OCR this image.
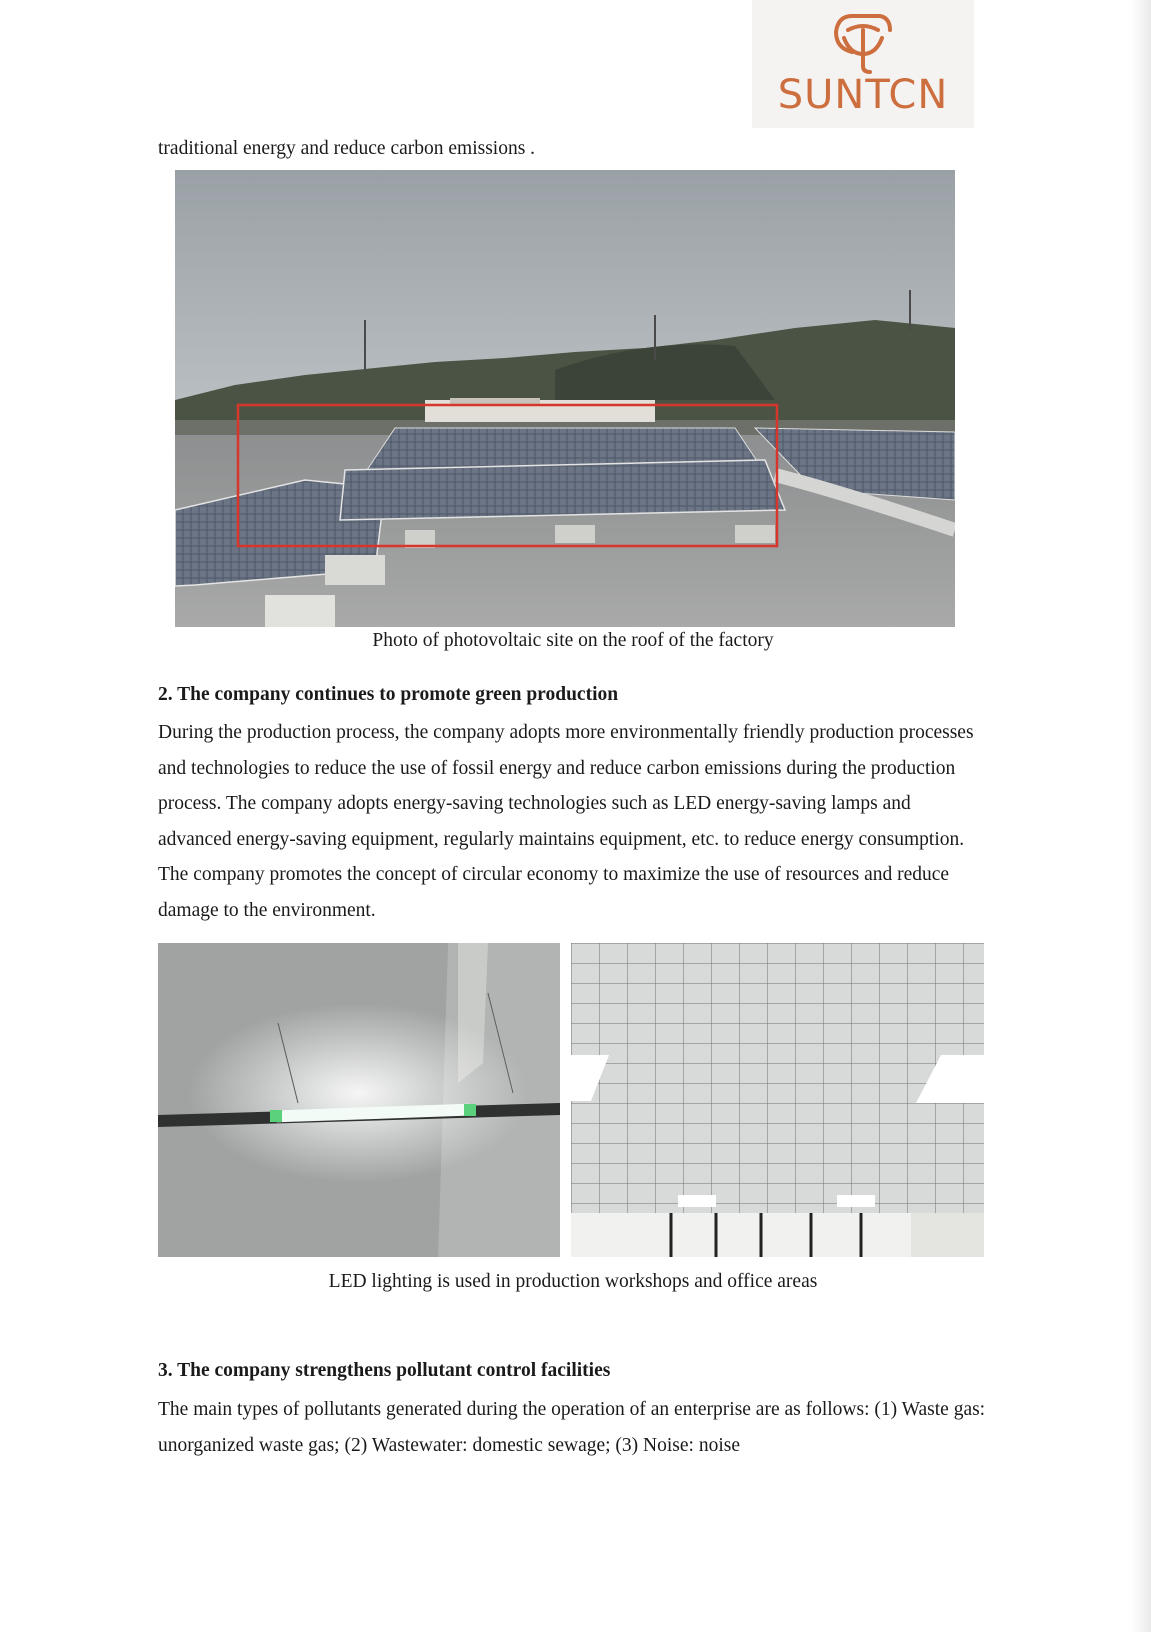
SUNTCN

traditional energy and reduce carbon emissions .

Photo of photovoltaic site on the roof of the factory

2. The company continues to promote green production

During the production process, the company adopts more environmentally friendly production processes and technologies to reduce the use of fossil energy and reduce carbon emissions during the production process. The company adopts energy-saving technologies such as LED energy-saving lamps and advanced energy-saving equipment, regularly maintains equipment, etc. to reduce energy consumption. The company promotes the concept of circular economy to maximize the use of resources and reduce damage to the environment.

LED lighting is used in production workshops and office areas

3. The company strengthens pollutant control facilities

The main types of pollutants generated during the operation of an enterprise are as follows: (1) Waste gas: unorganized waste gas; (2) Wastewater: domestic sewage; (3) Noise: noise
